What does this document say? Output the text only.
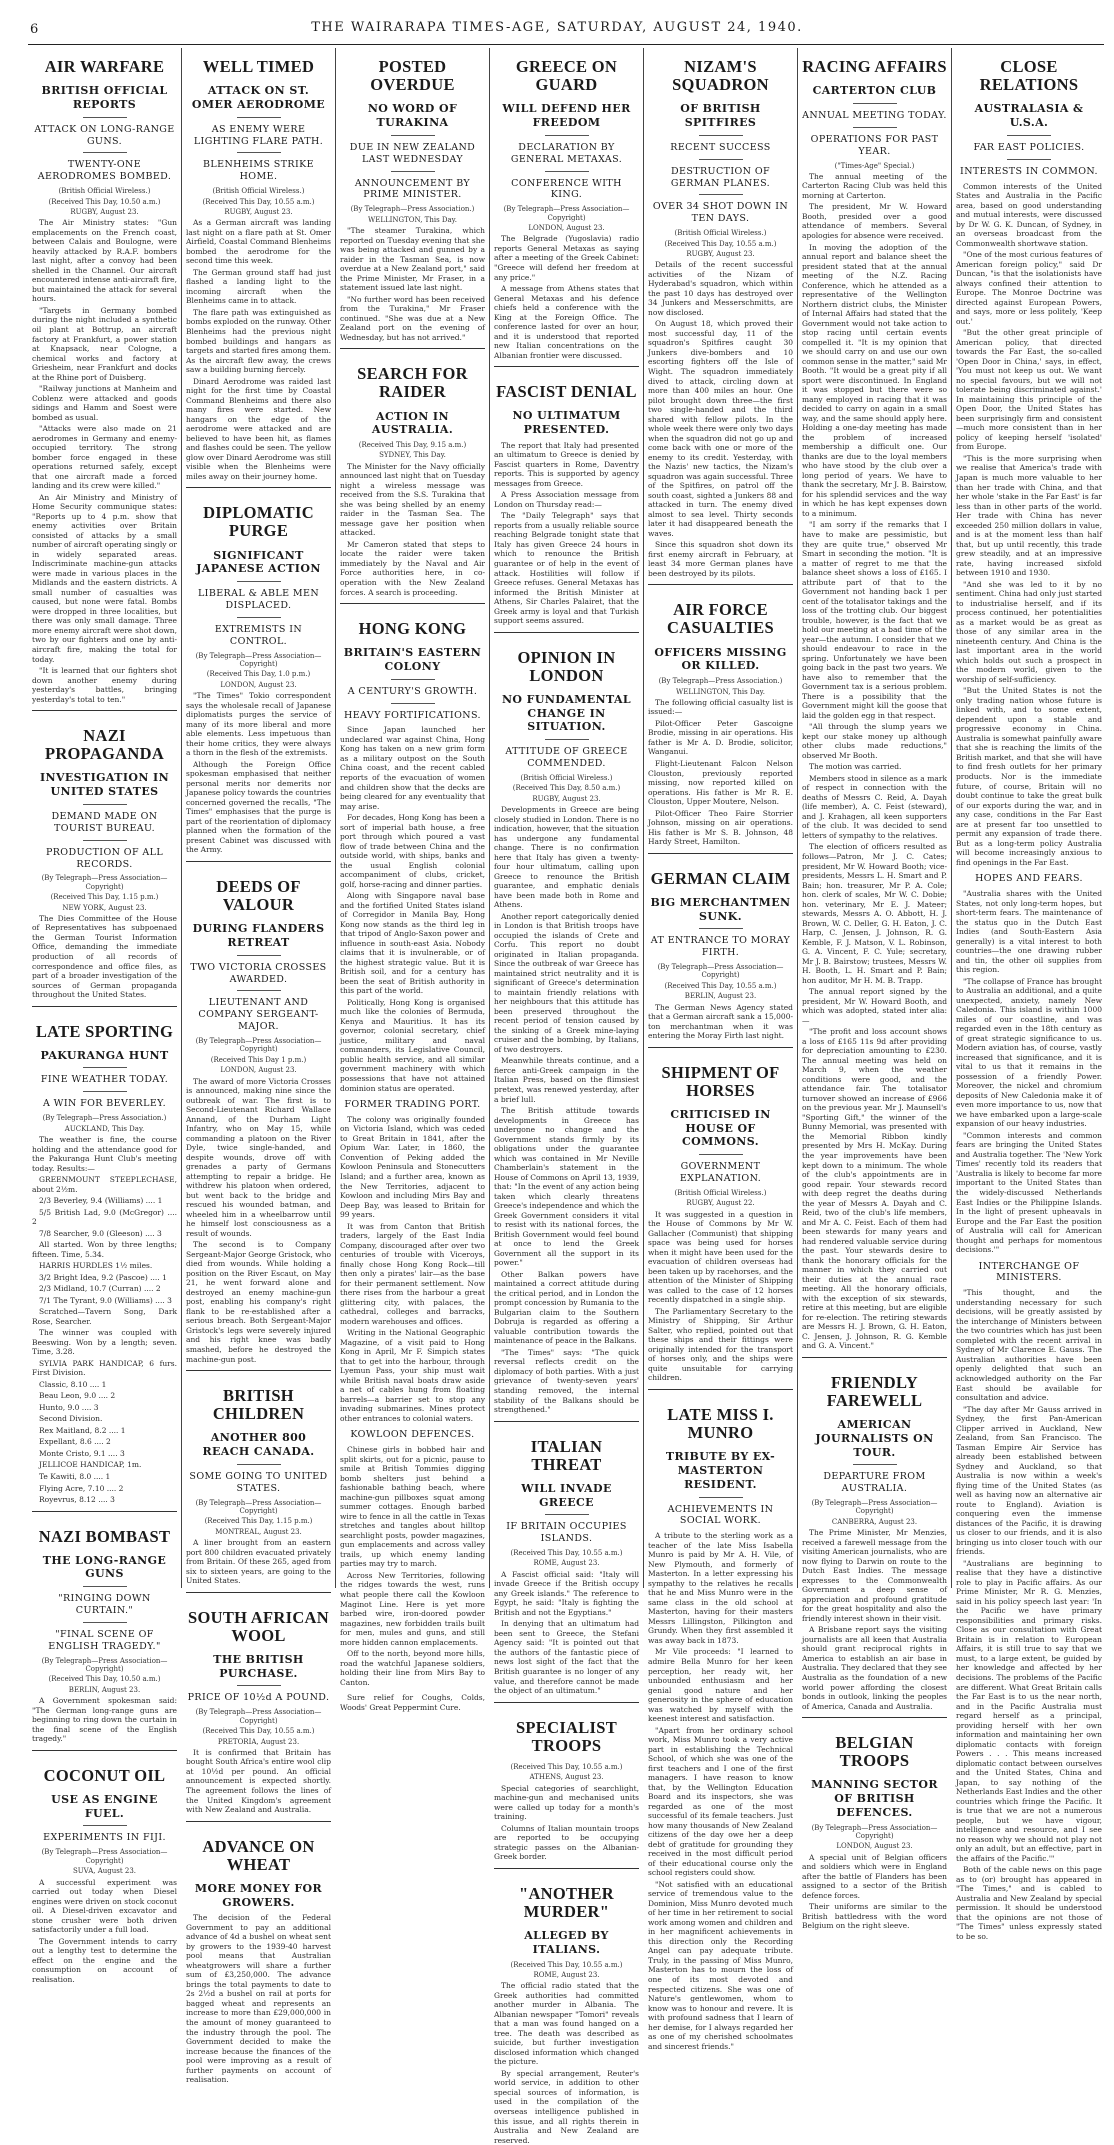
6	THE WAIRARAPA TIMES-AGE, SATURDAY, AUGUST 24, 1940.
AIR WARFARE
BRITISH OFFICIAL REPORTS
ATTACK ON LONG-RANGE GUNS.
TWENTY-ONE AERODROMES BOMBED.
(British Official Wireless.)
(Received This Day, 10.50 a.m.)
RUGBY, August 23.

The Air Ministry states: "Gun emplacements on the French coast, between Calais and Boulogne, were heavily attacked by R.A.F. bombers last night, after a convoy had been shelled in the Channel. Our aircraft encountered intense anti-aircraft fire, but maintained the attack for several hours.

"Targets in Germany bombed during the night included a synthetic oil plant at Bottrup, an aircraft factory at Frankfurt, a power station at Knapsack, near Cologne, a chemical works and factory at Griesheim, near Frankfurt and docks at the Rhine port of Duisberg.

"Railway junctions at Manheim and Coblenz were attacked and goods sidings and Hamm and Soest were bombed as usual.

"Attacks were also made on 21 aerodromes in Germany and enemy-occupied territory. The strong bomber force engaged in these operations returned safely, except that one aircraft made a forced landing and its crew were killed."

An Air Ministry and Ministry of Home Security communique states: "Reports up to 4 p.m. show that enemy activities over Britain consisted of attacks by a small number of aircraft operating singly or in widely separated areas. Indiscriminate machine-gun attacks were made in various places in the Midlands and the eastern districts. A small number of casualties was caused, but none were fatal. Bombs were dropped in three localities, but there was only small damage. Three more enemy aircraft were shot down, two by our fighters and one by anti-aircraft fire, making the total for today.

"It is learned that our fighters shot down another enemy during yesterday's battles, bringing yesterday's total to ten."

NAZI PROPAGANDA
INVESTIGATION IN UNITED STATES
DEMAND MADE ON TOURIST BUREAU.
PRODUCTION OF ALL RECORDS.
(By Telegraph—Press Association—Copyright)
(Received This Day, 1.15 p.m.)
NEW YORK, August 23.

The Dies Committee of the House of Representatives has subpoenaed the German Tourist Information Office, demanding the immediate production of all records of correspondence and office files, as part of a broader investigation of the sources of German propaganda throughout the United States.

LATE SPORTING
PAKURANGA HUNT
FINE WEATHER TODAY.
A WIN FOR BEVERLEY.
(By Telegraph—Press Association.)
AUCKLAND, This Day.

The weather is fine, the course holding and the attendance good for the Pakuranga Hunt Club's meeting today. Results:—

GREENMOUNT STEEPLECHASE, about 2½m.

2/3 Beverley, 9.4 (Williams) .... 1

5/5 British Lad, 9.0 (McGregor) .... 2

7/8 Searcher, 9.0 (Gleeson) .... 3

All started. Won by three lengths; fifteen. Time, 5.34.

HARRIS HURDLES 1½ miles.

3/2 Bright Idea, 9.2 (Pascoe) .... 1

2/3 Midland, 10.7 (Curran) .... 2

7/1 The Tyrant, 9.0 (Williams) .... 3

Scratched—Tavern Song, Dark Rose, Searcher.

The winner was coupled with Beeswing. Won by a length; seven. Time, 3.28.

SYLVIA PARK HANDICAP, 6 furs. First Division.

Classic, 8.10 .... 1

Beau Leon, 9.0 .... 2

Hunto, 9.0 .... 3

Second Division.

Rex Maitland, 8.2 .... 1

Expellant, 8.6 .... 2

Monte Cristo, 9.1 .... 3

JELLICOE HANDICAP, 1m.

Te Kawiti, 8.0 .... 1

Flying Acre, 7.10 .... 2

Royevrus, 8.12 .... 3

NAZI BOMBAST
THE LONG-RANGE GUNS
"RINGING DOWN CURTAIN."
"FINAL SCENE OF ENGLISH TRAGEDY."
(By Telegraph—Press Association—Copyright)
(Received This Day, 10.50 a.m.)
BERLIN, August 23.

A Government spokesman said: "The German long-range guns are beginning to ring down the curtain in the final scene of the English tragedy."

COCONUT OIL
USE AS ENGINE FUEL.
EXPERIMENTS IN FIJI.
(By Telegraph—Press Association—Copyright)
SUVA, August 23.

A successful experiment was carried out today when Diesel engines were driven on stock coconut oil. A Diesel-driven excavator and stone crusher were both driven satisfactorily under a full load.

The Government intends to carry out a lengthy test to determine the effect on the engine and the consumption on account of realisation.

WELL TIMED
ATTACK ON ST. OMER AERODROME
AS ENEMY WERE LIGHTING FLARE PATH.
BLENHEIMS STRIKE HOME.
(British Official Wireless.)
(Received This Day, 10.55 a.m.)
RUGBY, August 23.

As a German aircraft was landing last night on a flare path at St. Omer Airfield, Coastal Command Blenheims bombed the aerodrome for the second time this week.

The German ground staff had just flashed a landing light to the incoming aircraft when the Blenheims came in to attack.

The flare path was extinguished as bombs exploded on the runway. Other Blenheims had the previous night bombed buildings and hangars as targets and started fires among them. As the aircraft flew away, the crews saw a building burning fiercely.

Dinard Aerodrome was raided last night for the first time by Coastal Command Blenheims and there also many fires were started. New hangars on the edge of the aerodrome were attacked and are believed to have been hit, as flames and flashes could be seen. The yellow glow over Dinard Aerodrome was still visible when the Blenheims were miles away on their journey home.

DIPLOMATIC PURGE
SIGNIFICANT JAPANESE ACTION
LIBERAL & ABLE MEN DISPLACED.
EXTREMISTS IN CONTROL.
(By Telegraph—Press Association—Copyright)
(Received This Day, 1.0 p.m.)
LONDON, August 23.

"The Times" Tokio correspondent says the wholesale recall of Japanese diplomatists purges the service of many of its more liberal and more able elements. Less impetuous than their home critics, they were always a thorn in the flesh of the extremists.

Although the Foreign Office spokesman emphasised that neither personal merits nor demerits nor Japanese policy towards the countries concerned governed the recalls, "The Times" emphasises that the purge is part of the reorientation of diplomacy planned when the formation of the present Cabinet was discussed with the Army.

DEEDS OF VALOUR
DURING FLANDERS RETREAT
TWO VICTORIA CROSSES AWARDED.
LIEUTENANT AND COMPANY SERGEANT-MAJOR.
(By Telegraph—Press Association—Copyright)
(Received This Day 1 p.m.)
LONDON, August 23.

The award of more Victoria Crosses is announced, making nine since the outbreak of war. The first is to Second-Lieutenant Richard Wallace Annand, of the Durham Light Infantry, who on May 15, while commanding a platoon on the River Dyle, twice single-handed, and despite wounds, drove off with grenades a party of Germans attempting to repair a bridge. He withdrew his platoon when ordered, but went back to the bridge and rescued his wounded batman, and wheeled him in a wheelbarrow until he himself lost consciousness as a result of wounds.

The second is to Company Sergeant-Major George Gristock, who died from wounds. While holding a position on the River Escaut, on May 21, he went forward alone and destroyed an enemy machine-gun post, enabling his company's right flank to be re-established after a serious breach. Both Sergeant-Major Gristock's legs were severely injured and his right knee was badly smashed, before he destroyed the machine-gun post.

BRITISH CHILDREN
ANOTHER 800 REACH CANADA.
SOME GOING TO UNITED STATES.
(By Telegraph—Press Association—Copyright)
(Received This Day, 1.15 p.m.)
MONTREAL, August 23.

A liner brought from an eastern port 800 children evacuated privately from Britain. Of these 265, aged from six to sixteen years, are going to the United States.

SOUTH AFRICAN WOOL
THE BRITISH PURCHASE.
PRICE OF 10½d A POUND.
(By Telegraph—Press Association—Copyright)
(Received This Day, 10.55 a.m.)
PRETORIA, August 23.

It is confirmed that Britain has bought South Africa's entire wool clip at 10½d per pound. An official announcement is expected shortly. The agreement follows the lines of the United Kingdom's agreement with New Zealand and Australia.

ADVANCE ON WHEAT
MORE MONEY FOR GROWERS.

The decision of the Federal Government to pay an additional advance of 4d a bushel on wheat sent by growers to the 1939-40 harvest pool means that Australian wheatgrowers will share a further sum of £3,250,000. The advance brings the total payments to date to 2s 2½d a bushel on rail at ports for bagged wheat and represents an increase to more than £29,000,000 in the amount of money guaranteed to the industry through the pool. The Government decided to make the increase because the finances of the pool were improving as a result of further payments on account of realisation.

POSTED OVERDUE
NO WORD OF TURAKINA
DUE IN NEW ZEALAND LAST WEDNESDAY
ANNOUNCEMENT BY PRIME MINISTER.
(By Telegraph—Press Association.)
WELLINGTON, This Day.

"The steamer Turakina, which reported on Tuesday evening that she was being attacked and gunned by a raider in the Tasman Sea, is now overdue at a New Zealand port," said the Prime Minister, Mr Fraser, in a statement issued late last night.

"No further word has been received from the Turakina," Mr Fraser continued. "She was due at a New Zealand port on the evening of Wednesday, but has not arrived."

SEARCH FOR RAIDER
ACTION IN AUSTRALIA.
(Received This Day, 9.15 a.m.)
SYDNEY, This Day.

The Minister for the Navy officially announced last night that on Tuesday night a wireless message was received from the S.S. Turakina that she was being shelled by an enemy raider in the Tasman Sea. The message gave her position when attacked.

Mr Cameron stated that steps to locate the raider were taken immediately by the Naval and Air Force authorities here, in co-operation with the New Zealand forces. A search is proceeding.

HONG KONG
BRITAIN'S EASTERN COLONY
A CENTURY'S GROWTH.
HEAVY FORTIFICATIONS.

Since Japan launched her undeclared war against China, Hong Kong has taken on a new grim form as a military outpost on the South China coast, and the recent cabled reports of the evacuation of women and children show that the decks are being cleared for any eventuality that may arise.

For decades, Hong Kong has been a sort of imperial bath house, a free port through which poured a vast flow of trade between China and the outside world, with ships, banks and the usual English colonial accompaniment of clubs, cricket, golf, horse-racing and dinner parties.

Along with Singapore naval base and the fortified United States island of Corregidor in Manila Bay, Hong Kong now stands as the third leg in that tripod of Anglo-Saxon power and influence in south-east Asia. Nobody claims that it is invulnerable, or of the highest strategic value. But it is British soil, and for a century has been the seat of British authority in this part of the world.

Politically, Hong Kong is organised much like the colonies of Bermuda, Kenya and Mauritius. It has its governor, colonial secretary, chief justice, military and naval commanders, its Legislative Council, public health service, and all similar government machinery with which possessions that have not attained dominion status are operated.

FORMER TRADING PORT.

The colony was originally founded on Victoria Island, which was ceded to Great Britain in 1841, after the Opium War. Later, in 1860, the Convention of Peking added the Kowloon Peninsula and Stonecutters Island; and a further area, known as the New Territories, adjacent to Kowloon and including Mirs Bay and Deep Bay, was leased to Britain for 99 years.

It was from Canton that British traders, largely of the East India Company, discouraged after over two centuries of trouble with Viceroys, finally chose Hong Kong Rock—till then only a pirates' lair—as the base for their permanent settlement. Now there rises from the harbour a great glittering city, with palaces, the cathedral, colleges and barracks, modern warehouses and offices.

Writing in the National Geographic Magazine, of a visit paid to Hong Kong in April, Mr F. Simpich states that to get into the harbour, through Lyemun Pass, your ship must wait while British naval boats draw aside a net of cables hung from floating barrels—a barrier set to stop any invading submarines. Mines protect other entrances to colonial waters.

KOWLOON DEFENCES.

Chinese girls in bobbed hair and split skirts, out for a picnic, pause to smile at British Tommies digging bomb shelters just behind a fashionable bathing beach, where machine-gun pillboxes squat among summer cottages. Enough barbed wire to fence in all the cattle in Texas stretches and tangles about hilltop searchlight posts, powder magazines, gun emplacements and across valley trails, up which enemy landing parties may try to march.

Across New Territories, following the ridges towards the west, runs what people there call the Kowloon Maginot Line. Here is yet more barbed wire, iron-doored powder magazines, new forbidden trails built for men, mules and guns, and still more hidden cannon emplacements.

Off to the north, beyond more hills, road the watchful Japanese soldiers, holding their line from Mirs Bay to Canton.

Sure relief for Coughs, Colds, Woods' Great Peppermint Cure.

GREECE ON GUARD
WILL DEFEND HER FREEDOM
DECLARATION BY GENERAL METAXAS.
CONFERENCE WITH KING.
(By Telegraph—Press Association—Copyright)
LONDON, August 23.

The Belgrade (Yugoslavia) radio reports General Metaxas as saying after a meeting of the Greek Cabinet: "Greece will defend her freedom at any price."

A message from Athens states that General Metaxas and his defence chiefs held a conference with the King at the Foreign Office. The conference lasted for over an hour, and it is understood that reported new Italian concentrations on the Albanian frontier were discussed.

FASCIST DENIAL
NO ULTIMATUM PRESENTED.

The report that Italy had presented an ultimatum to Greece is denied by Fascist quarters in Rome, Daventry reports. This is supported by agency messages from Greece.

A Press Association message from London on Thursday read:—

The "Daily Telegraph" says that reports from a usually reliable source reaching Belgrade tonight state that Italy has given Greece 24 hours in which to renounce the British guarantee or of help in the event of attack. Hostilities will follow if Greece refuses. General Metaxas has informed the British Minister at Athens, Sir Charles Palairet, that the Greek army is loyal and that Turkish support seems assured.

OPINION IN LONDON
NO FUNDAMENTAL CHANGE IN SITUATION.
ATTITUDE OF GREECE COMMENDED.
(British Official Wireless.)
(Received This Day, 8.50 a.m.)
RUGBY, August 23.

Developments in Greece are being closely studied in London. There is no indication, however, that the situation has undergone any fundamental change. There is no confirmation here that Italy has given a twenty-four hour ultimatum, calling upon Greece to renounce the British guarantee, and emphatic denials have been made both in Rome and Athens.

Another report categorically denied in London is that British troops have occupied the islands of Crete and Corfu. This report no doubt originated in Italian propaganda. Since the outbreak of war Greece has maintained strict neutrality and it is significant of Greece's determination to maintain friendly relations with her neighbours that this attitude has been preserved throughout the recent period of tension caused by the sinking of a Greek mine-laying cruiser and the bombing, by Italians, of two destroyers.

Meanwhile threats continue, and a fierce anti-Greek campaign in the Italian Press, based on the flimsiest pretext, was renewed yesterday, after a brief lull.

The British attitude towards developments in Greece has undergone no change and the Government stands firmly by its obligations under the guarantee which was contained in Mr Neville Chamberlain's statement in the House of Commons on April 13, 1939, that: "In the event of any action being taken which clearly threatens Greece's independence and which the Greek Government considers it vital to resist with its national forces, the British Government would feel bound at once to lend the Greek Government all the support in its power."

Other Balkan powers have maintained a correct attitude during the critical period, and in London the prompt concession by Rumania to the Bulgarian claim to the Southern Dobruja is regarded as offering a valuable contribution towards the maintenance of peace in the Balkans.

"The Times" says: "The quick reversal reflects credit on the diplomacy of both parties. With a just grievance of twenty-seven years' standing removed, the internal stability of the Balkans should be strengthened."

ITALIAN THREAT
WILL INVADE GREECE
IF BRITAIN OCCUPIES ISLANDS.
(Received This Day, 10.55 a.m.)
ROME, August 23.

A Fascist official said: "Italy will invade Greece if the British occupy any Greek islands." The reference to Egypt, he said: "Italy is fighting the British and not the Egyptians."

In denying that an ultimatum had been sent to Greece, the Stefani Agency said: "It is pointed out that the authors of the fantastic piece of news lost sight of the fact that the British guarantee is no longer of any value, and therefore cannot be made the object of an ultimatum."

SPECIALIST TROOPS
(Received This Day, 10.55 a.m.)
ATHENS, August 23.

Special categories of searchlight, machine-gun and mechanised units were called up today for a month's training.

Columns of Italian mountain troops are reported to be occupying strategic passes on the Albanian-Greek border.

"ANOTHER MURDER"
ALLEGED BY ITALIANS.
(Received This Day, 10.55 a.m.)
ROME, August 23.

The official radio stated that the Greek authorities had committed another murder in Albania. The Albanian newspaper "Tomori" reveals that a man was found hanged on a tree. The death was described as suicide, but further investigation disclosed information which changed the picture.

By special arrangement, Reuter's world service, in addition to other special sources of information, is used in the compilation of the overseas intelligence published in this issue, and all rights therein in Australia and New Zealand are reserved.

NIZAM'S SQUADRON
OF BRITISH SPITFIRES
RECENT SUCCESS
DESTRUCTION OF GERMAN PLANES.
OVER 34 SHOT DOWN IN TEN DAYS.
(British Official Wireless.)
(Received This Day, 10.55 a.m.)
RUGBY, August 23.

Details of the recent successful activities of the Nizam of Hyderabad's squadron, which within the past 10 days has destroyed over 34 Junkers and Messerschmitts, are now disclosed.

On August 18, which proved their most successful day, 11 of the squadron's Spitfires caught 30 Junkers dive-bombers and 10 escorting fighters off the Isle of Wight. The squadron immediately dived to attack, circling down at more than 400 miles an hour. One pilot brought down three—the first two single-handed and the third shared with fellow pilots. In the whole week there were only two days when the squadron did not go up and come back with one or more of the enemy to its credit. Yesterday, with the Nazis' new tactics, the Nizam's squadron was again successful. Three of the Spitfires, on patrol off the south coast, sighted a Junkers 88 and attacked in turn. The enemy dived almost to sea level. Thirty seconds later it had disappeared beneath the waves.

Since this squadron shot down its first enemy aircraft in February, at least 34 more German planes have been destroyed by its pilots.

AIR FORCE CASUALTIES
OFFICERS MISSING OR KILLED.
(By Telegraph—Press Association.)
WELLINGTON, This Day.

The following official casualty list is issued:—

Pilot-Officer Peter Gascoigne Brodie, missing in air operations. His father is Mr A. D. Brodie, solicitor, Wanganui.

Flight-Lieutenant Falcon Nelson Clouston, previously reported missing, now reported killed on operations. His father is Mr R. E. Clouston, Upper Moutere, Nelson.

Pilot-Officer Theo Faire Storrier Johnson, missing on air operations. His father is Mr S. B. Johnson, 48 Hardy Street, Hamilton.

GERMAN CLAIM
BIG MERCHANTMEN SUNK.
AT ENTRANCE TO MORAY FIRTH.
(By Telegraph—Press Association—Copyright)
(Received This Day, 10.55 a.m.)
BERLIN, August 23.

The German News Agency stated that a German aircraft sank a 15,000-ton merchantman when it was entering the Moray Firth last night.

SHIPMENT OF HORSES
CRITICISED IN HOUSE OF COMMONS.
GOVERNMENT EXPLANATION.
(British Official Wireless.)
RUGBY, August 22.

It was suggested in a question in the House of Commons by Mr W. Gallacher (Communist) that shipping space was being used for horses when it might have been used for the evacuation of children overseas had been taken up by racehorses, and the attention of the Minister of Shipping was called to the case of 12 horses recently dispatched in a single ship.

The Parliamentary Secretary to the Ministry of Shipping, Sir Arthur Salter, who replied, pointed out that these ships and their fittings were originally intended for the transport of horses only, and the ships were quite unsuitable for carrying children.

LATE MISS I. MUNRO
TRIBUTE BY EX-MASTERTON RESIDENT.
ACHIEVEMENTS IN SOCIAL WORK.

A tribute to the sterling work as a teacher of the late Miss Isabella Munro is paid by Mr A. H. Vile, of New Plymouth, and formerly of Masterton. In a letter expressing his sympathy to the relatives he recalls that he and Miss Munro were in the same class in the old school at Masterton, having for their masters Messrs Lillingston, Pilkington and Grundy. When they first assembled it was away back in 1873.

Mr Vile proceeds: "I learned to admire Bella Munro for her keen perception, her ready wit, her unbounded enthusiasm and her genial good nature and her generosity in the sphere of education was watched by myself with the keenest interest and satisfaction.

"Apart from her ordinary school work, Miss Munro took a very active part in establishing the Technical School, of which she was one of the first teachers and I one of the first managers. I have reason to know that, by the Wellington Education Board and its inspectors, she was regarded as one of the most successful of its female teachers. Just how many thousands of New Zealand citizens of the day owe her a deep debt of gratitude for grounding they received in the most difficult period of their educational course only the school registers could show.

"Not satisfied with an educational service of tremendous value to the Dominion, Miss Munro devoted much of her time in her retirement to social work among women and children and in her magnificent achievements in this direction only the Recording Angel can pay adequate tribute. Truly, in the passing of Miss Munro, Masterton has to mourn the loss of one of its most devoted and respected citizens. She was one of Nature's gentlewomen, whom to know was to honour and revere. It is with profound sadness that I learn of her demise, for I always regarded her as one of my cherished schoolmates and sincerest friends."

RACING AFFAIRS
CARTERTON CLUB
ANNUAL MEETING TODAY.
OPERATIONS FOR PAST YEAR.
("Times-Age" Special.)

The annual meeting of the Carterton Racing Club was held this morning at Carterton.

The president, Mr W. Howard Booth, presided over a good attendance of members. Several apologies for absence were received.

In moving the adoption of the annual report and balance sheet the president stated that at the annual meeting of the N.Z. Racing Conference, which he attended as a representative of the Wellington Northern district clubs, the Minister of Internal Affairs had stated that the Government would not take action to stop racing until certain events compelled it. "It is my opinion that we should carry on and use our own common sense in the matter," said Mr Booth. "It would be a great pity if all sport were discontinued. In England it was stopped but there were so many employed in racing that it was decided to carry on again in a small way, and the same should apply here. Holding a one-day meeting has made the problem of increased membership a difficult one. Our thanks are due to the loyal members who have stood by the club over a long period of years. We have to thank the secretary, Mr J. B. Bairstow, for his splendid services and the way in which he has kept expenses down to a minimum.

"I am sorry if the remarks that I have to make are pessimistic, but they are quite true," observed Mr Smart in seconding the motion. "It is a matter of regret to me that the balance sheet shows a loss of £165. I attribute part of that to the Government not handing back 1 per cent of the totalisator takings and the loss of the trotting club. Our biggest trouble, however, is the fact that we hold our meeting at a bad time of the year—the autumn. I consider that we should endeavour to race in the spring. Unfortunately we have been going back in the past two years. We have also to remember that the Government tax is a serious problem. There is a possibility that the Government might kill the goose that laid the golden egg in that respect.

"All through the slump years we kept our stake money up although other clubs made reductions," observed Mr Booth.

The motion was carried.

Members stood in silence as a mark of respect in connection with the deaths of Messrs C. Reid, A. Dayah (life member), A. C. Feist (steward), and J. Krahagen, all keen supporters of the club. It was decided to send letters of sympathy to the relatives.

The election of officers resulted as follows—Patron, Mr J. C. Cates; president, Mr W. Howard Booth; vice-presidents, Messrs L. H. Smart and P. Bain; hon. treasurer, Mr P. A. Cole; hon. clerk of scales, Mr W. C. Dobie; hon. veterinary, Mr E. J. Mateer; stewards, Messrs A. O. Abbott, H. J. Brown, W. C. Deller, G. H. Eaton, J. C. Harp, C. Jensen, J. Johnson, R. G. Kemble, F. J. Matson, V. L. Robinson, G. A. Vincent, F. C. Yule; secretary, Mr J. B. Bairstow; trustees, Messrs W. H. Booth, L. H. Smart and P. Bain; hon auditor, Mr H. M. B. Trapp.

The annual report signed by the president, Mr W. Howard Booth, and which was adopted, stated inter alia:—

"The profit and loss account shows a loss of £165 11s 9d after providing for depreciation amounting to £230. The annual meeting was held on March 9, when the weather conditions were good, and the attendance fair. The totalisator turnover showed an increase of £966 on the previous year. Mr J. Maunsell's "Sporting Gift," the winner of the Bunny Memorial, was presented with the Memorial Ribbon kindly presented by Mrs H. McKay. During the year improvements have been kept down to a minimum. The whole of the club's appointments are in good repair. Your stewards record with deep regret the deaths during the year of Messrs A. Dayah and C. Reid, two of the club's life members, and Mr A. C. Feist. Each of them had been stewards for many years and had rendered valuable service during the past. Your stewards desire to thank the honorary officials for the manner in which they carried out their duties at the annual race meeting. All the honorary officials, with the exception of six stewards, retire at this meeting, but are eligible for re-election. The retiring stewards are Messrs H. J. Brown, G. H. Eaton, C. Jensen, J. Johnson, R. G. Kemble and G. A. Vincent."

FRIENDLY FAREWELL
AMERICAN JOURNALISTS ON TOUR.
DEPARTURE FROM AUSTRALIA.
(By Telegraph—Press Association—Copyright)
CANBERRA, August 23.

The Prime Minister, Mr Menzies, received a farewell message from the visiting American journalists, who are now flying to Darwin on route to the Dutch East Indies. The message expresses to the Commonwealth Government a deep sense of appreciation and profound gratitude for the great hospitality and also the friendly interest shown in their visit.

A Brisbane report says the visiting journalists are all keen that Australia should grant reciprocal rights in America to establish an air base in Australia. They declared that they see Australia as the foundation of a new world power affording the closest bonds in outlook, linking the peoples of America, Canada and Australia.

BELGIAN TROOPS
MANNING SECTOR OF BRITISH DEFENCES.
(By Telegraph—Press Association—Copyright)
LONDON, August 23.

A special unit of Belgian officers and soldiers which were in England after the battle of Flanders has been assigned to a sector of the British defence forces.

Their uniforms are similar to the British battledress with the word Belgium on the right sleeve.

CLOSE RELATIONS
AUSTRALASIA & U.S.A.
FAR EAST POLICIES.
INTERESTS IN COMMON.

Common interests of the United States and Australia in the Pacific area, based on good understanding and mutual interests, were discussed by Dr W. G. K. Duncan, of Sydney, in an overseas broadcast from the Commonwealth shortwave station.

"One of the most curious features of American foreign policy," said Dr Duncan, "is that the isolationists have always confined their attention to Europe. The Monroe Doctrine was directed against European Powers, and says, more or less politely, 'Keep out.'

"But the other great principle of American policy, that directed towards the Far East, the so-called 'Open Door in China,' says, in effect, 'You must not keep us out. We want no special favours, but we will not tolerate being discriminated against.' In maintaining this principle of the Open Door, the United States has been surprisingly firm and consistent—much more consistent than in her policy of keeping herself 'isolated' from Europe.

"This is the more surprising when we realise that America's trade with Japan is much more valuable to her than her trade with China, and that her whole 'stake in the Far East' is far less than in other parts of the world. Her trade with China has never exceeded 250 million dollars in value, and is at the moment less than half that, but up until recently, this trade grew steadily, and at an impressive rate, having increased sixfold between 1910 and 1930.

"And she was led to it by no sentiment. China had only just started to industrialise herself, and if its process continued, her potentialities as a market would be as great as those of any similar area in the nineteenth century. And China is the last important area in the world which holds out such a prospect in the modern world, given to the worship of self-sufficiency.

"But the United States is not the only trading nation whose future is linked with, and to some extent, dependent upon a stable and progressive economy in China. Australia is somewhat painfully aware that she is reaching the limits of the British market, and that she will have to find fresh outlets for her primary products. Nor is the immediate future, of course, Britain will no doubt continue to take the great bulk of our exports during the war, and in any case, conditions in the Far East are at present far too unsettled to permit any expansion of trade there. But as a long-term policy Australia will become increasingly anxious to find openings in the Far East.

HOPES AND FEARS.

"Australia shares with the United States, not only long-term hopes, but short-term fears. The maintenance of the status quo in the Dutch East Indies (and South-Eastern Asia generally) is a vital interest to both countries—the one drawing rubber and tin, the other oil supplies from this region.

"The collapse of France has brought to Australia an additional, and a quite unexpected, anxiety, namely New Caledonia. This island is within 1000 miles of our coastline, and was regarded even in the 18th century as of great strategic significance to us. Modern aviation has, of course, vastly increased that significance, and it is vital to us that it remains in the possession of a friendly Power. Moreover, the nickel and chromium deposits of New Caledonia make it of even more importance to us, now that we have embarked upon a large-scale expansion of our heavy industries.

"Common interests and common fears are bringing the United States and Australia together. The 'New York Times' recently told its readers that 'Australia is likely to become far more important to the United States than the widely-discussed Netherlands East Indies or the Philippine Islands. In the light of present upheavals in Europe and the Far East the position of Australia will call for American thought and perhaps for momentous decisions.'"

INTERCHANGE OF MINISTERS.

"This thought, and the understanding necessary for such decisions, will be greatly assisted by the interchange of Ministers between the two countries which has just been completed with the recent arrival in Sydney of Mr Clarence E. Gauss. The Australian authorities have been openly delighted that such an acknowledged authority on the Far East should be available for consultation and advice.

"The day after Mr Gauss arrived in Sydney, the first Pan-American Clipper arrived in Auckland, New Zealand, from San Francisco. The Tasman Empire Air Service has already been established between Sydney and Auckland, so that Australia is now within a week's flying time of the United States (as well as having now an alternative air route to England). Aviation is conquering even the immense distances of the Pacific, it is drawing us closer to our friends, and it is also bringing us into closer touch with our friends.

"Australians are beginning to realise that they have a distinctive role to play in Pacific affairs. As our Prime Minister, Mr R. G. Menzies, said in his policy speech last year: 'In the Pacific we have primary responsibilities and primary risks. Close as our consultation with Great Britain is in relation to European Affairs, it is still true to say that we must, to a large extent, be guided by her knowledge and affected by her decisions. The problems of the Pacific are different. What Great Britain calls the Far East is to us the near north, and in the Pacific Australia must regard herself as a principal, providing herself with her own information and maintaining her own diplomatic contacts with foreign Powers . . . This means increased diplomatic contact between ourselves and the United States, China and Japan, to say nothing of the Netherlands East Indies and the other countries which fringe the Pacific. It is true that we are not a numerous people, but we have vigour, intelligence and resource, and I see no reason why we should not play not only an adult, but an effective, part in the affairs of the Pacific.'"

Both of the cable news on this page as to (or) brought has appeared in "The Times," and is cabled to Australia and New Zealand by special permission. It should be understood that the opinions are not those of "The Times" unless expressly stated to be so.
